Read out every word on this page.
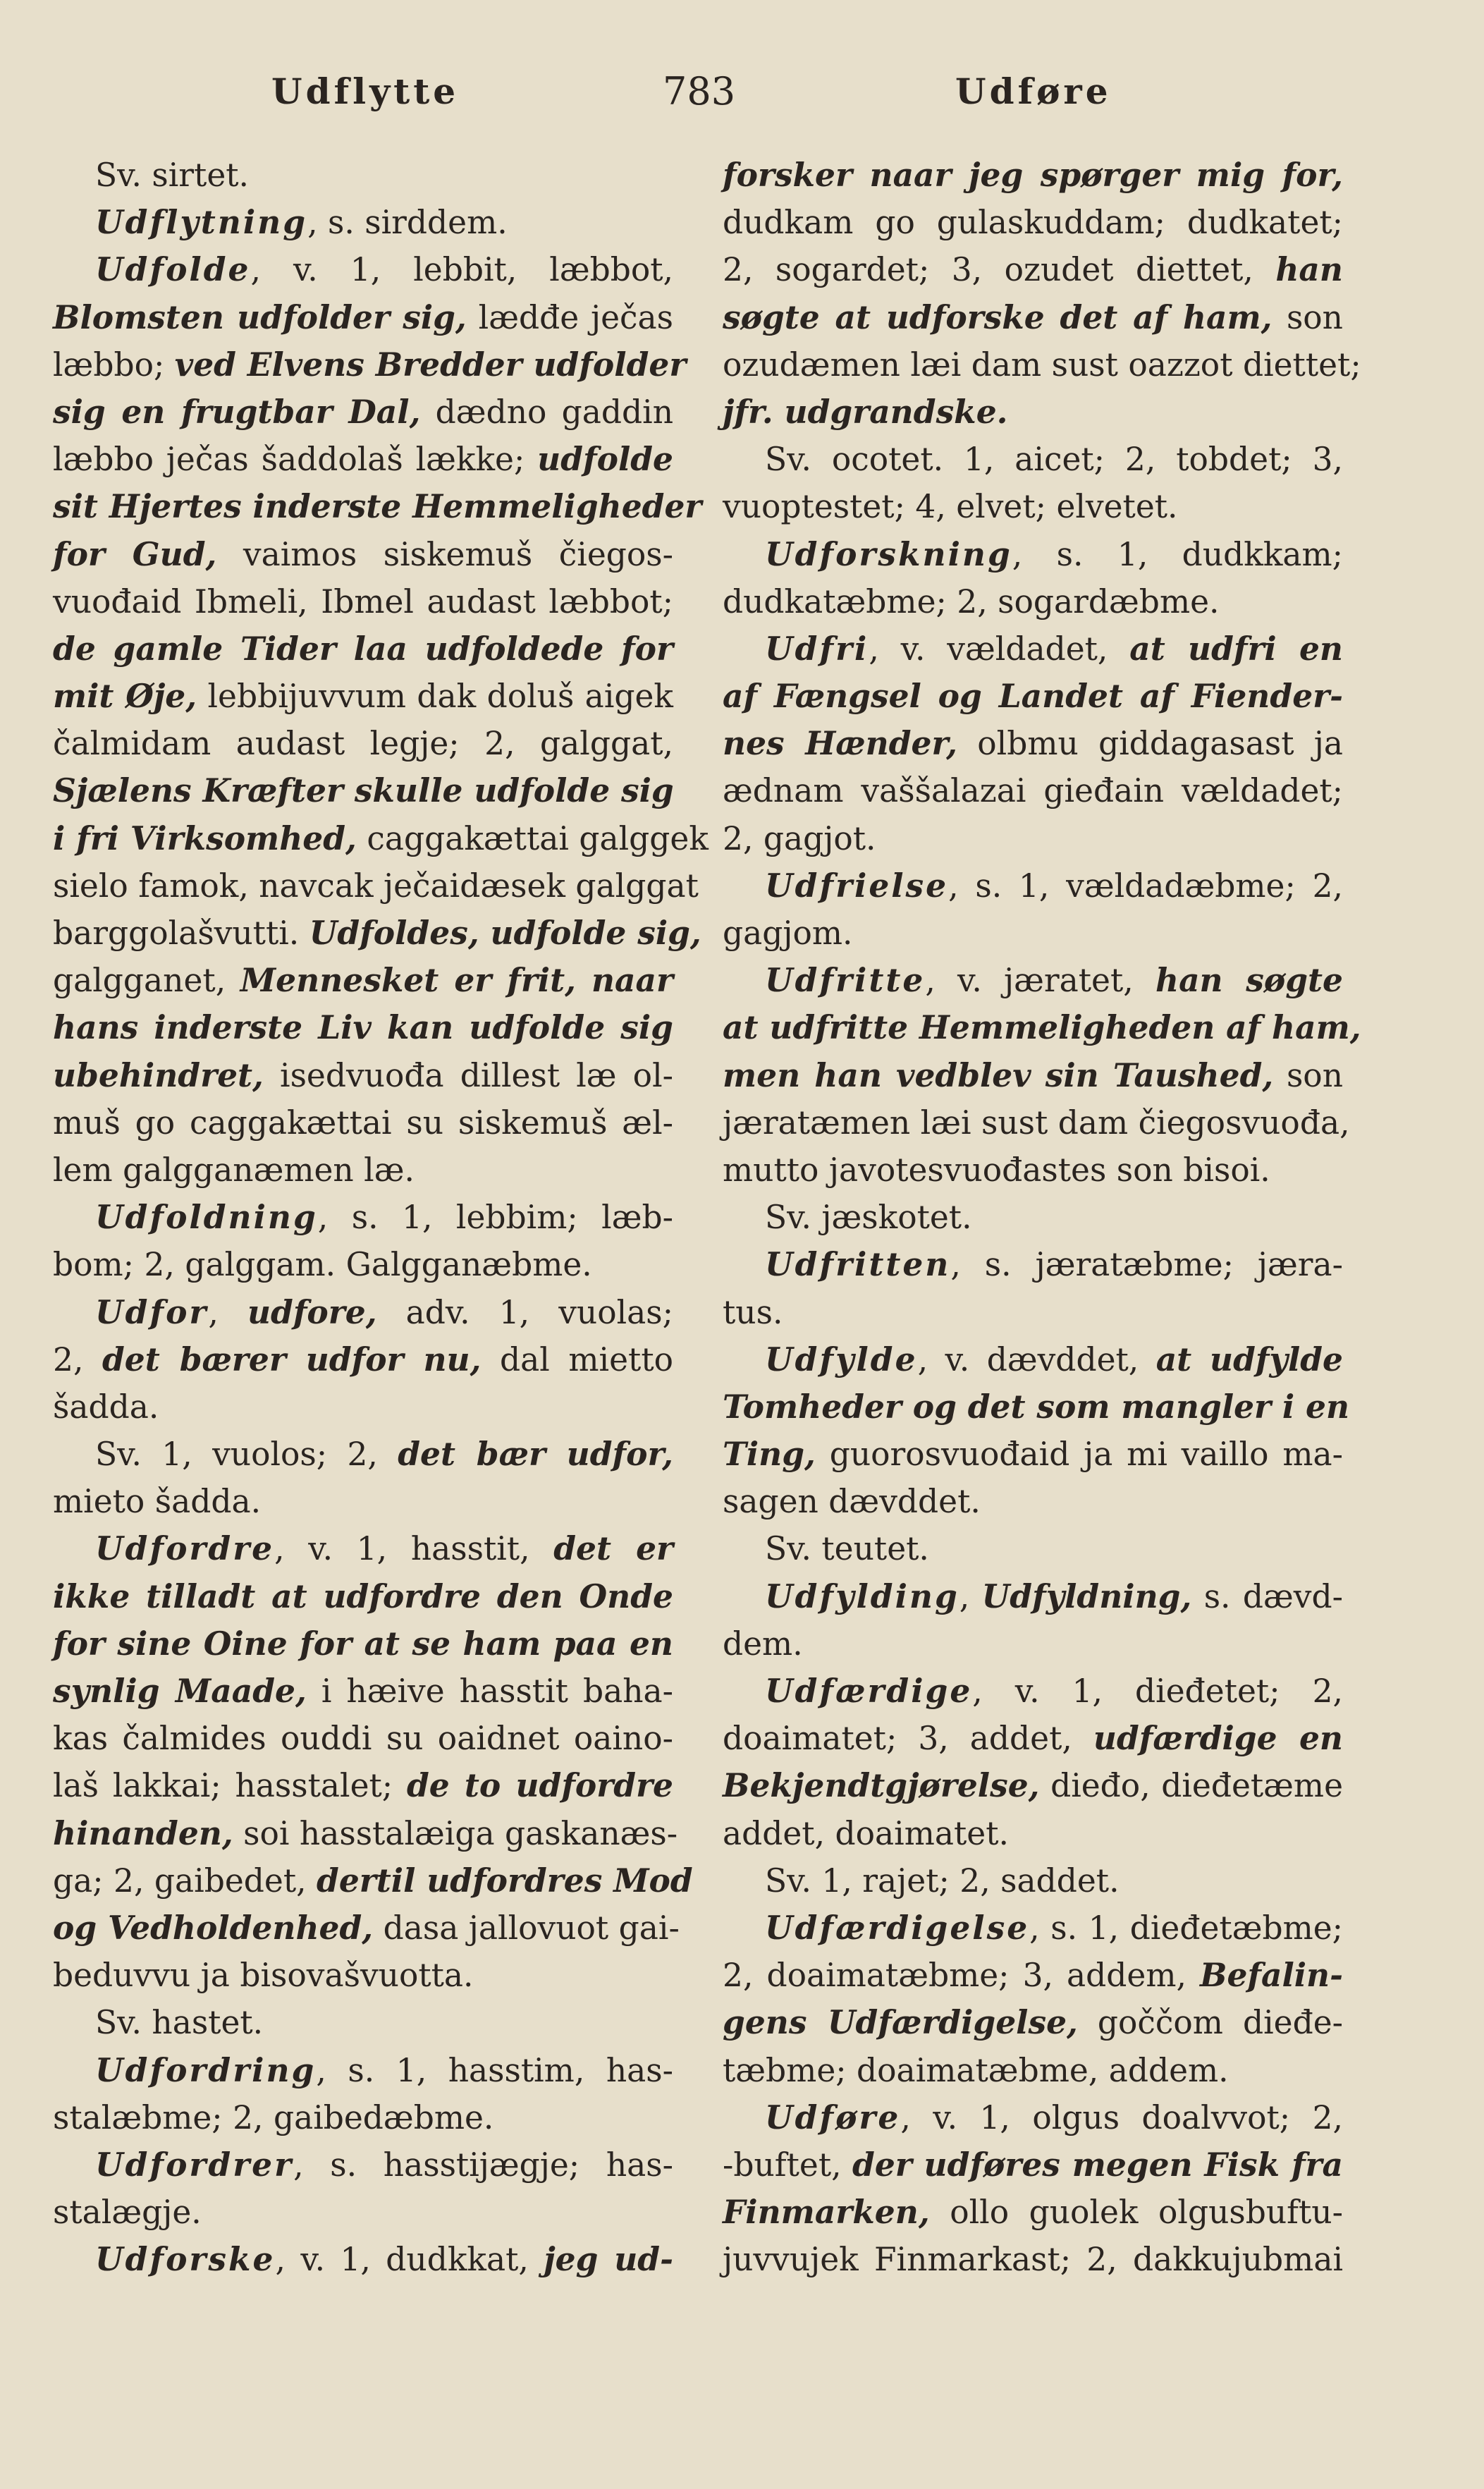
Udflytte	783	Udføre
Sv. sirtet.
Udflytning, s. sirddem.
Udfolde, v. 1, lebbit, læbbot,
Blomsten udfolder sig, lædđe ječas
læbbo; ved Elvens Bredder udfolder
sig en frugtbar Dal, dædno gaddin
læbbo ječas šaddolaš lække; udfolde
sit Hjertes inderste Hemmeligheder
for Gud, vaimos siskemuš čiegos-
vuođaid Ibmeli, Ibmel audast læbbot;
de gamle Tider laa udfoldede for
mit Øje, lebbijuvvum dak doluš aigek
čalmidam audast legje; 2, galggat,
Sjælens Kræfter skulle udfolde sig
i fri Virksomhed, caggakættai galggek
sielo famok, navcak ječaidæsek galggat
barggolašvutti. Udfoldes, udfolde sig,
galgganet, Mennesket er frit, naar
hans inderste Liv kan udfolde sig
ubehindret, isedvuođa dillest læ ol-
muš go caggakættai su siskemuš æl-
lem galgganæmen læ.
Udfoldning, s. 1, lebbim; læb-
bom; 2, galggam. Galgganæbme.
Udfor, udfore, adv. 1, vuolas;
2, det bærer udfor nu, dal mietto
šadda.
Sv. 1, vuolos; 2, det bær udfor,
mieto šadda.
Udfordre, v. 1, hasstit, det er
ikke tilladt at udfordre den Onde
for sine Oine for at se ham paa en
synlig Maade, i hæive hasstit baha-
kas čalmides ouddi su oaidnet oaino-
laš lakkai; hasstalet; de to udfordre
hinanden, soi hasstalæiga gaskanæs-
ga; 2, gaibedet, dertil udfordres Mod
og Vedholdenhed, dasa jallovuot gai-
beduvvu ja bisovašvuotta.
Sv. hastet.
Udfordring, s. 1, hasstim, has-
stalæbme; 2, gaibedæbme.
Udfordrer, s. hasstijægje; has-
stalægje.
Udforske, v. 1, dudkkat, jeg ud-
forsker naar jeg spørger mig for,
dudkam go gulaskuddam; dudkatet;
2, sogardet; 3, ozudet diettet, han
søgte at udforske det af ham, son
ozudæmen læi dam sust oazzot diettet;
jfr. udgrandske.
Sv. ocotet. 1, aicet; 2, tobdet; 3,
vuoptestet; 4, elvet; elvetet.
Udforskning, s. 1, dudkkam;
dudkatæbme; 2, sogardæbme.
Udfri, v. vældadet, at udfri en
af Fængsel og Landet af Fiender-
nes Hænder, olbmu giddagasast ja
ædnam vaššalazai gieđain vældadet;
2, gagjot.
Udfrielse, s. 1, vældadæbme; 2,
gagjom.
Udfritte, v. jæratet, han søgte
at udfritte Hemmeligheden af ham,
men han vedblev sin Taushed, son
jæratæmen læi sust dam čiegosvuođa,
mutto javotesvuođastes son bisoi.
Sv. jæskotet.
Udfritten, s. jæratæbme; jæra-
tus.
Udfylde, v. dævddet, at udfylde
Tomheder og det som mangler i en
Ting, guorosvuođaid ja mi vaillo ma-
sagen dævddet.
Sv. teutet.
Udfylding, Udfyldning, s. dævd-
dem.
Udfærdige, v. 1, dieđetet; 2,
doaimatet; 3, addet, udfærdige en
Bekjendtgjørelse, dieđo, dieđetæme
addet, doaimatet.
Sv. 1, rajet; 2, saddet.
Udfærdigelse, s. 1, dieđetæbme;
2, doaimatæbme; 3, addem, Befalin-
gens Udfærdigelse, goččom dieđe-
tæbme; doaimatæbme, addem.
Udføre, v. 1, olgus doalvvot; 2,
-buftet, der udføres megen Fisk fra
Finmarken, ollo guolek olgusbuftu-
juvvujek Finmarkast; 2, dakkujubmai
